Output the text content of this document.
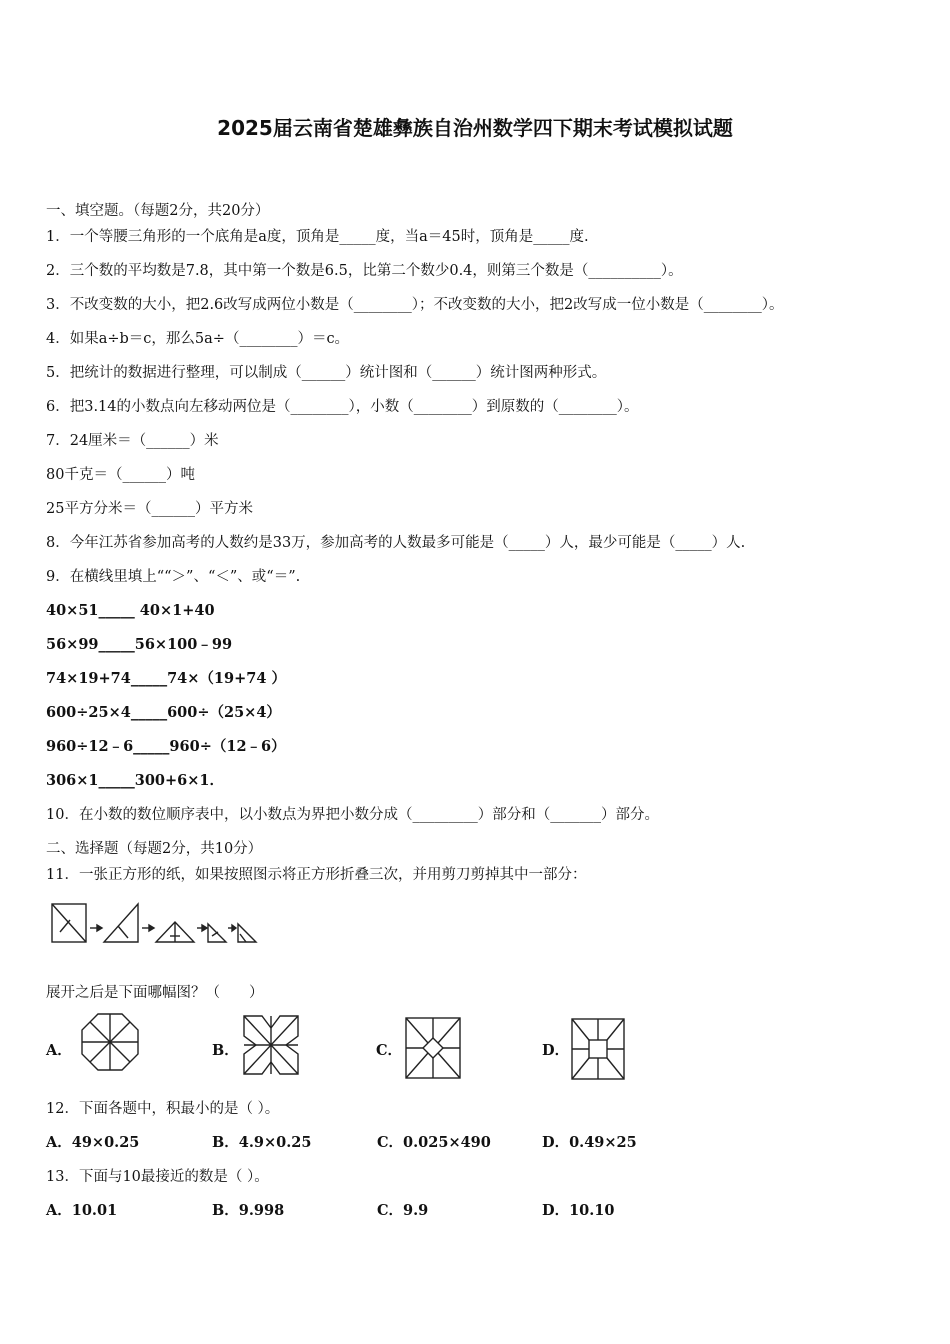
2025届云南省楚雄彝族自治州数学四下期末考试模拟试题
一、填空题。（每题2分，共20分）
1．一个等腰三角形的一个底角是a度，顶角是_____度，当a＝45时，顶角是_____度.
2．三个数的平均数是7.8，其中第一个数是6.5，比第二个数少0.4，则第三个数是（__________）。
3．不改变数的大小，把2.6改写成两位小数是（________）；不改变数的大小，把2改写成一位小数是（________）。
4．如果a÷b＝c，那么5a÷（________）＝c。
5．把统计的数据进行整理，可以制成（______）统计图和（______）统计图两种形式。
6．把3.14的小数点向左移动两位是（________），小数（________）到原数的（________）。
7．24厘米＝（______）米
80千克＝（______）吨
25平方分米＝（______）平方米
8．今年江苏省参加高考的人数约是33万，参加高考的人数最多可能是（_____）人，最少可能是（_____）人.
9．在横线里填上““＞”、“＜”、或“＝”.
40×51_____ 40×1+40
56×99_____56×100﹣99
74×19+74_____74×（19+74 ）
600÷25×4_____600÷（25×4）
960÷12﹣6_____960÷（12﹣6）
306×1_____300+6×1．
10．在小数的数位顺序表中，以小数点为界把小数分成（_________）部分和（_______）部分。
二、选择题（每题2分，共10分）
11．一张正方形的纸，如果按照图示将正方形折叠三次，并用剪刀剪掉其中一部分：
展开之后是下面哪幅图？（　　）
A．	B．	C．	D．
12．下面各题中，积最小的是（ ）。
A．49×0.25	B．4.9×0.25	C．0.025×490	D．0.49×25
13．下面与10最接近的数是（ ）。
A．10.01	B．9.998	C．9.9	D．10.10
